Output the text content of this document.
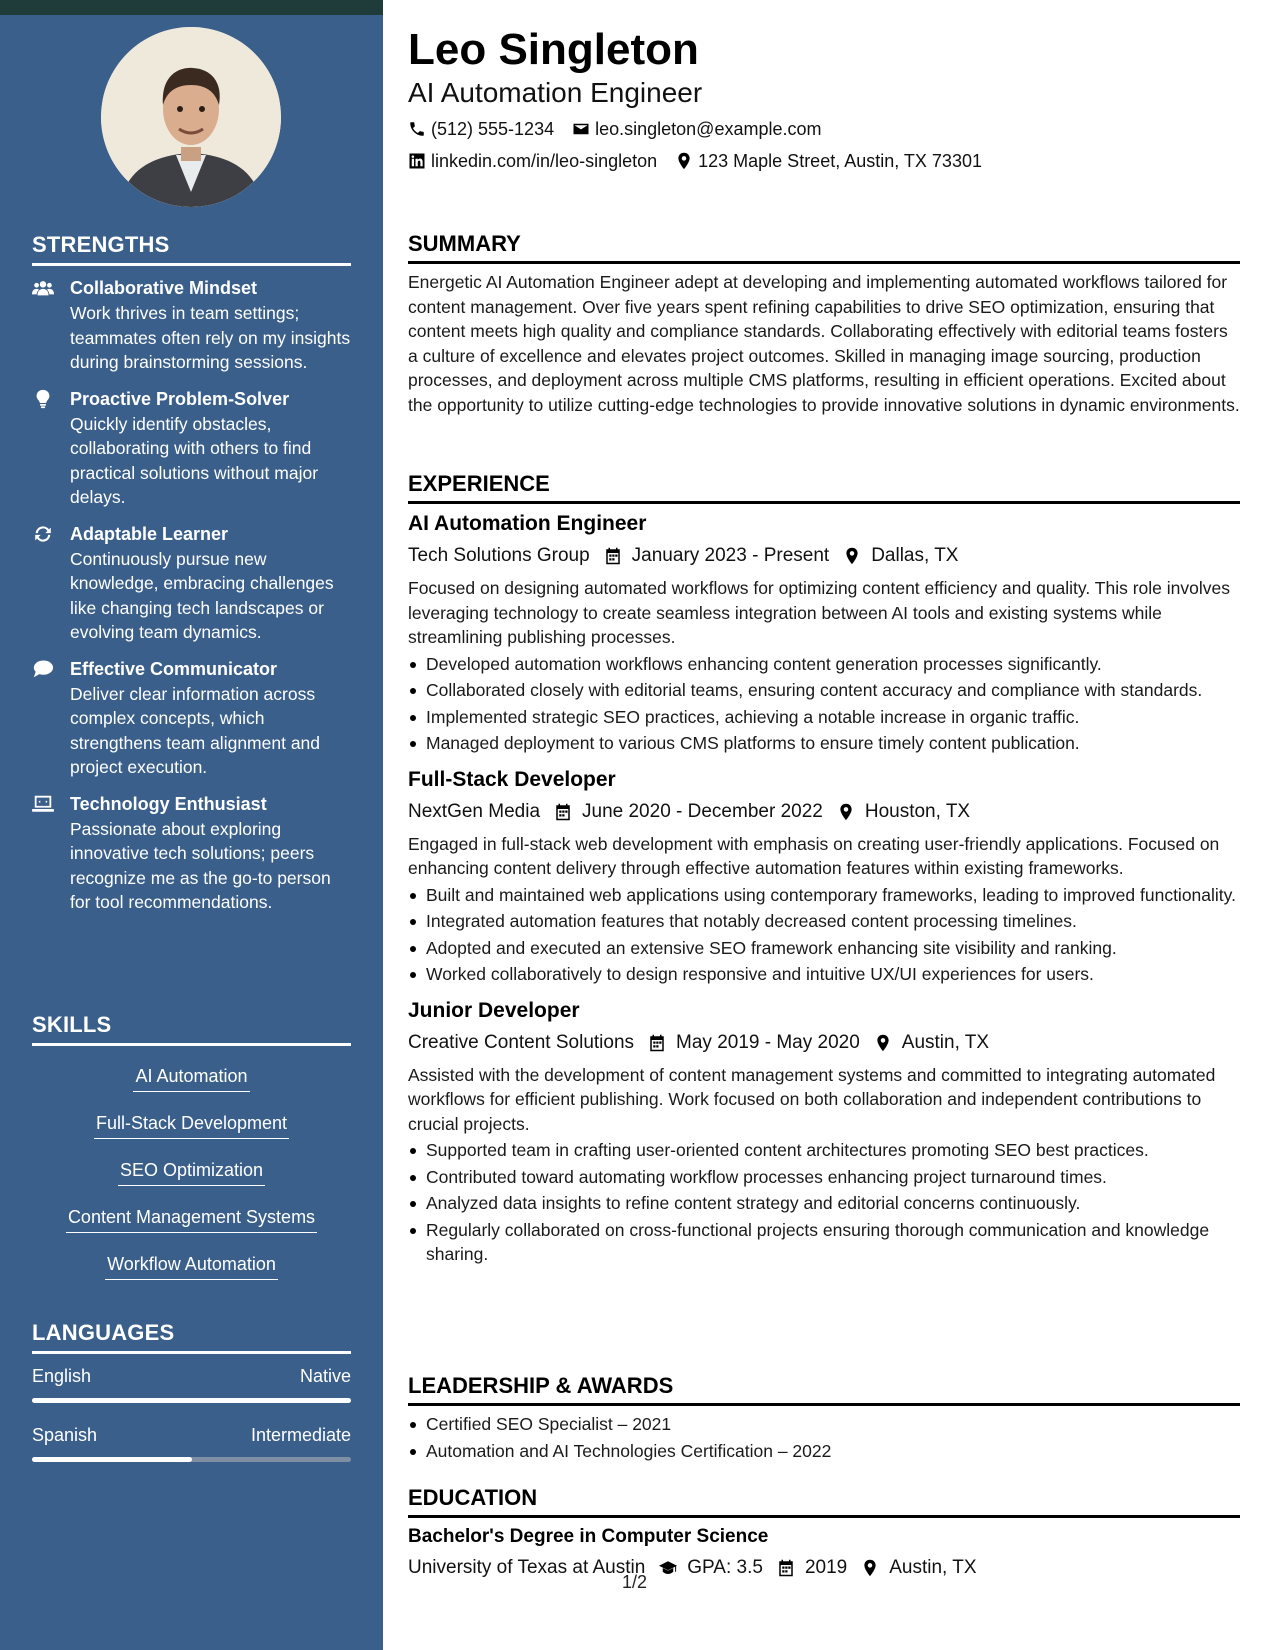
STRENGTHS
Collaborative Mindset
Work thrives in team settings; teammates often rely on my insights during brainstorming sessions.
Proactive Problem-Solver
Quickly identify obstacles, collaborating with others to find practical solutions without major delays.
Adaptable Learner
Continuously pursue new knowledge, embracing challenges like changing tech landscapes or evolving team dynamics.
Effective Communicator
Deliver clear information across complex concepts, which strengthens team alignment and project execution.
Technology Enthusiast
Passionate about exploring innovative tech solutions; peers recognize me as the go-to person for tool recommendations.
SKILLS
AI Automation
Full-Stack Development
SEO Optimization
Content Management Systems
Workflow Automation
LANGUAGES
English	Native
Spanish	Intermediate
Leo Singleton
AI Automation Engineer
(512) 555-1234 leo.singleton@example.com
linkedin.com/in/leo-singleton 123 Maple Street, Austin, TX 73301
SUMMARY
Energetic AI Automation Engineer adept at developing and implementing automated workflows tailored for content management. Over five years spent refining capabilities to drive SEO optimization, ensuring that content meets high quality and compliance standards. Collaborating effectively with editorial teams fosters a culture of excellence and elevates project outcomes. Skilled in managing image sourcing, production processes, and deployment across multiple CMS platforms, resulting in efficient operations. Excited about the opportunity to utilize cutting-edge technologies to provide innovative solutions in dynamic environments.
EXPERIENCE
AI Automation Engineer
Tech Solutions Group January 2023 - Present Dallas, TX
Focused on designing automated workflows for optimizing content efficiency and quality. This role involves leveraging technology to create seamless integration between AI tools and existing systems while streamlining publishing processes.
Developed automation workflows enhancing content generation processes significantly.
Collaborated closely with editorial teams, ensuring content accuracy and compliance with standards.
Implemented strategic SEO practices, achieving a notable increase in organic traffic.
Managed deployment to various CMS platforms to ensure timely content publication.
Full-Stack Developer
NextGen Media June 2020 - December 2022 Houston, TX
Engaged in full-stack web development with emphasis on creating user-friendly applications. Focused on enhancing content delivery through effective automation features within existing frameworks.
Built and maintained web applications using contemporary frameworks, leading to improved functionality.
Integrated automation features that notably decreased content processing timelines.
Adopted and executed an extensive SEO framework enhancing site visibility and ranking.
Worked collaboratively to design responsive and intuitive UX/UI experiences for users.
Junior Developer
Creative Content Solutions May 2019 - May 2020 Austin, TX
Assisted with the development of content management systems and committed to integrating automated workflows for efficient publishing. Work focused on both collaboration and independent contributions to crucial projects.
Supported team in crafting user-oriented content architectures promoting SEO best practices.
Contributed toward automating workflow processes enhancing project turnaround times.
Analyzed data insights to refine content strategy and editorial concerns continuously.
Regularly collaborated on cross-functional projects ensuring thorough communication and knowledge sharing.
LEADERSHIP & AWARDS
Certified SEO Specialist – 2021
Automation and AI Technologies Certification – 2022
EDUCATION
Bachelor's Degree in Computer Science
University of Texas at Austin GPA: 3.5 2019 Austin, TX
1/2
